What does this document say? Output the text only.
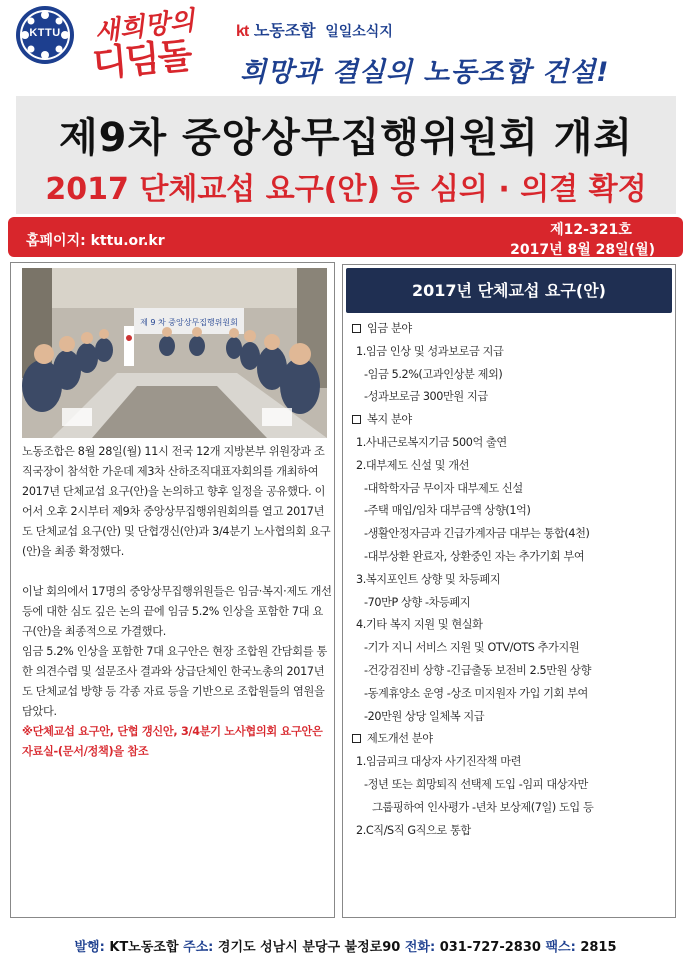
KTTU	새희망의
디딤돌
kt 노동조합 일일소식지
희망과 결실의 노동조합 건설!
제9차 중앙상무집행위원회 개최
2017 단체교섭 요구(안) 등 심의 · 의결 확정
홈페이지: kttu.or.kr
제12-321호
2017년 8월 28일(월)
제 9 차 중앙상무집행위원회

노동조합은 8월 28일(월) 11시 전국 12개 지방본부 위원장과 조직국장이 참석한 가운데 제3차 산하조직대표자회의를 개최하여 2017년 단체교섭 요구(안)을 논의하고 향후 일정을 공유했다. 이어서 오후 2시부터 제9차 중앙상무집행위원회의를 열고 2017년도 단체교섭 요구(안) 및 단협갱신(안)과 3/4분기 노사협의회 요구(안)을 최종 확정했다.

이날 회의에서 17명의 중앙상무집행위원들은 임금·복지·제도 개선 등에 대한 심도 깊은 논의 끝에 임금 5.2% 인상을 포함한 7대 요구(안)을 최종적으로 가결했다.

임금 5.2% 인상을 포함한 7대 요구안은 현장 조합원 간담회를 통한 의견수렴 및 설문조사 결과와 상급단체인 한국노총의 2017년도 단체교섭 방향 등 각종 자료 등을 기반으로 조합원들의 염원을 담았다.

※단체교섭 요구안, 단협 갱신안, 3/4분기 노사협의회 요구안은 자료실-(문서/정책)을 참조

2017년 단체교섭 요구(안)
임금 분야
1.임금 인상 및 성과보로금 지급
-임금 5.2%(고과인상분 제외)
-성과보로금 300만원 지급
복지 분야
1.사내근로복지기금 500억 출연
2.대부제도 신설 및 개선
-대학학자금 무이자 대부제도 신설
-주택 매입/임차 대부금액 상향(1억)
-생활안정자금과 긴급가계자금 대부는 통합(4천)
-대부상환 완료자, 상환중인 자는 추가기회 부여
3.복지포인트 상향 및 차등폐지
-70만P 상향 -차등폐지
4.기타 복지 지원 및 현실화
-기가 지니 서비스 지원 및 OTV/OTS 추가지원
-건강검진비 상향 -긴급출동 보전비 2.5만원 상향
-동계휴양소 운영 -상조 미지원자 가입 기회 부여
-20만원 상당 일체복 지급
제도개선 분야
1.임금피크 대상자 사기진작책 마련
-정년 또는 희망퇴직 선택제 도입 -임피 대상자만
그룹핑하여 인사평가 -년차 보상제(7일) 도입 등
2.C직/S직 G직으로 통합
발행: KT노동조합 주소: 경기도 성남시 분당구 불정로90 전화: 031-727-2830 팩스: 2815
